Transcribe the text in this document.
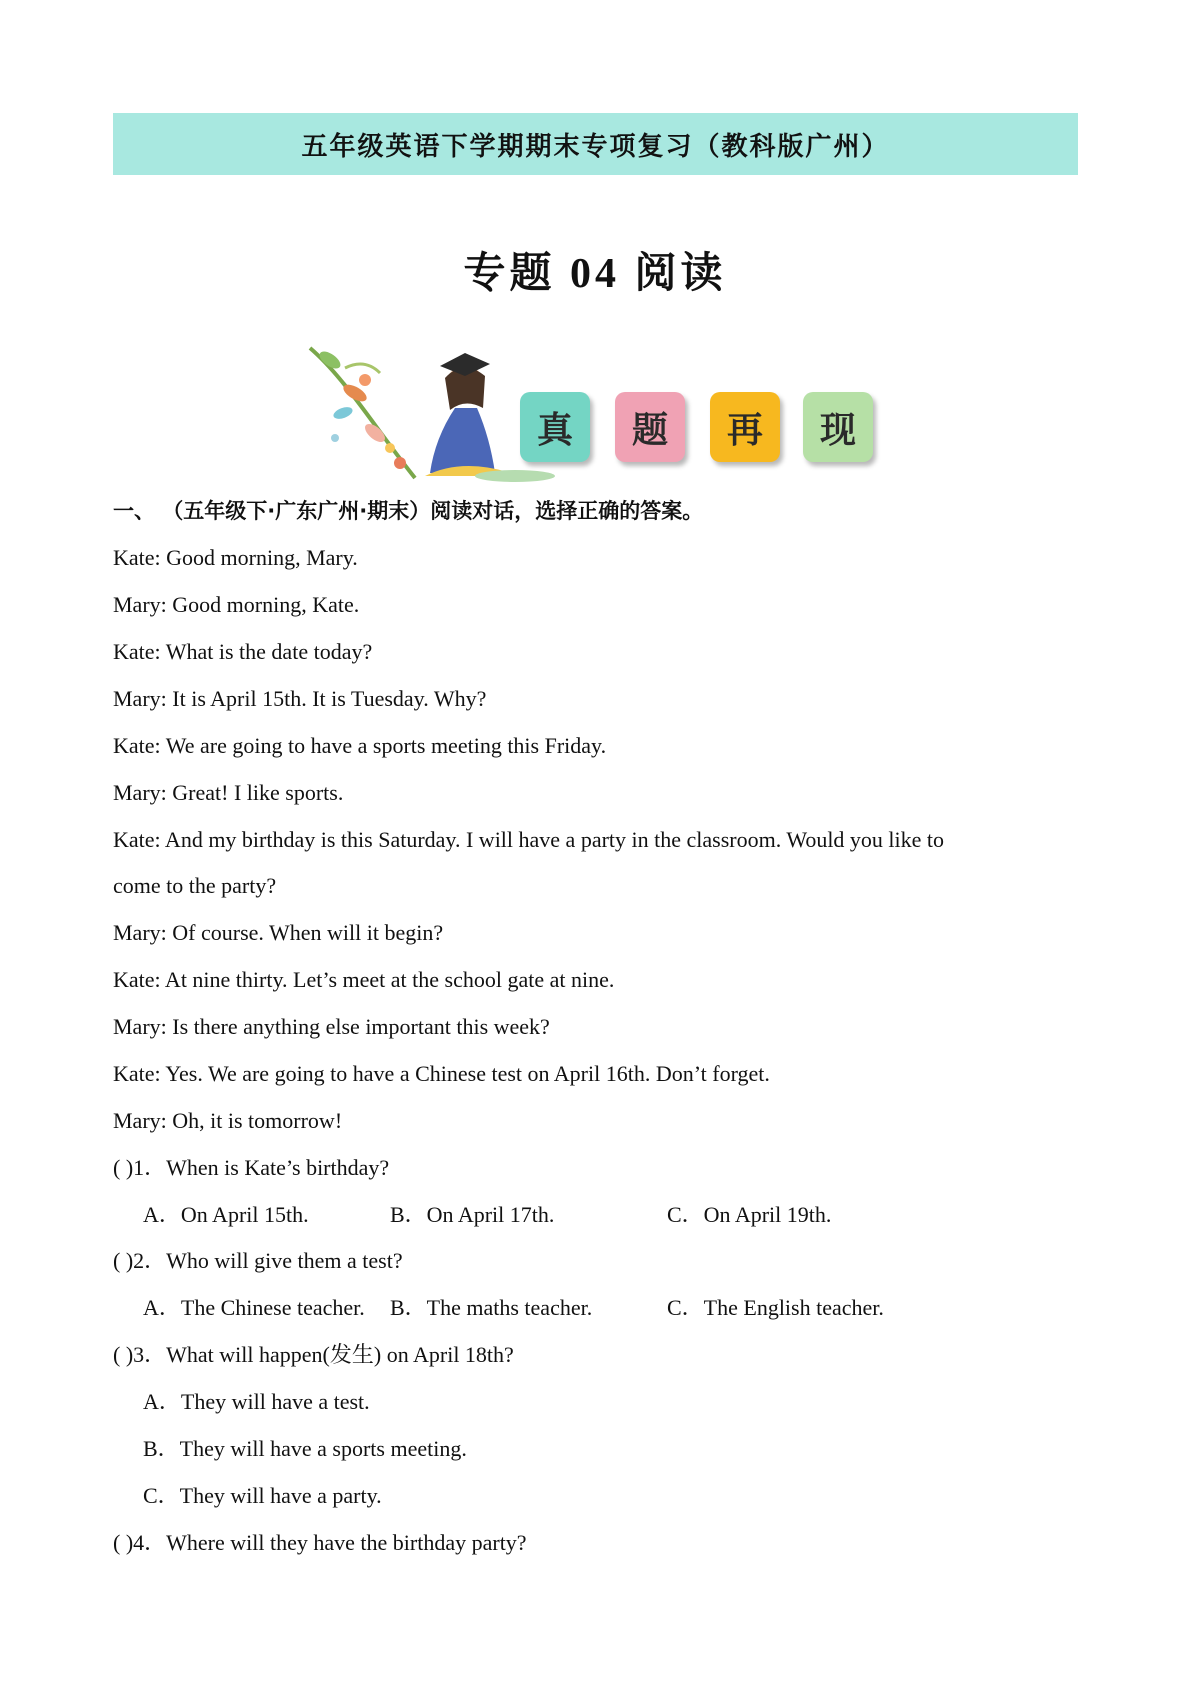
五年级英语下学期期末专项复习（教科版广州）
专题 04 阅读
真 题 再 现
一、 （五年级下·广东广州·期末）阅读对话，选择正确的答案。
Kate: Good morning, Mary.
Mary: Good morning, Kate.
Kate: What is the date today?
Mary: It is April 15th. It is Tuesday. Why?
Kate: We are going to have a sports meeting this Friday.
Mary: Great! I like sports.
Kate: And my birthday is this Saturday. I will have a party in the classroom. Would you like to
come to the party?
Mary: Of course. When will it begin?
Kate: At nine thirty. Let’s meet at the school gate at nine.
Mary: Is there anything else important this week?
Kate: Yes. We are going to have a Chinese test on April 16th. Don’t forget.
Mary: Oh, it is tomorrow!
( )1．When is Kate’s birthday?
A．On April 15th.	B．On April 17th.	C．On April 19th.
( )2．Who will give them a test?
A．The Chinese teacher. B．The maths teacher.	C．The English teacher.
( )3．What will happen(发生) on April 18th?
A．They will have a test.
B．They will have a sports meeting.
C．They will have a party.
( )4．Where will they have the birthday party?
